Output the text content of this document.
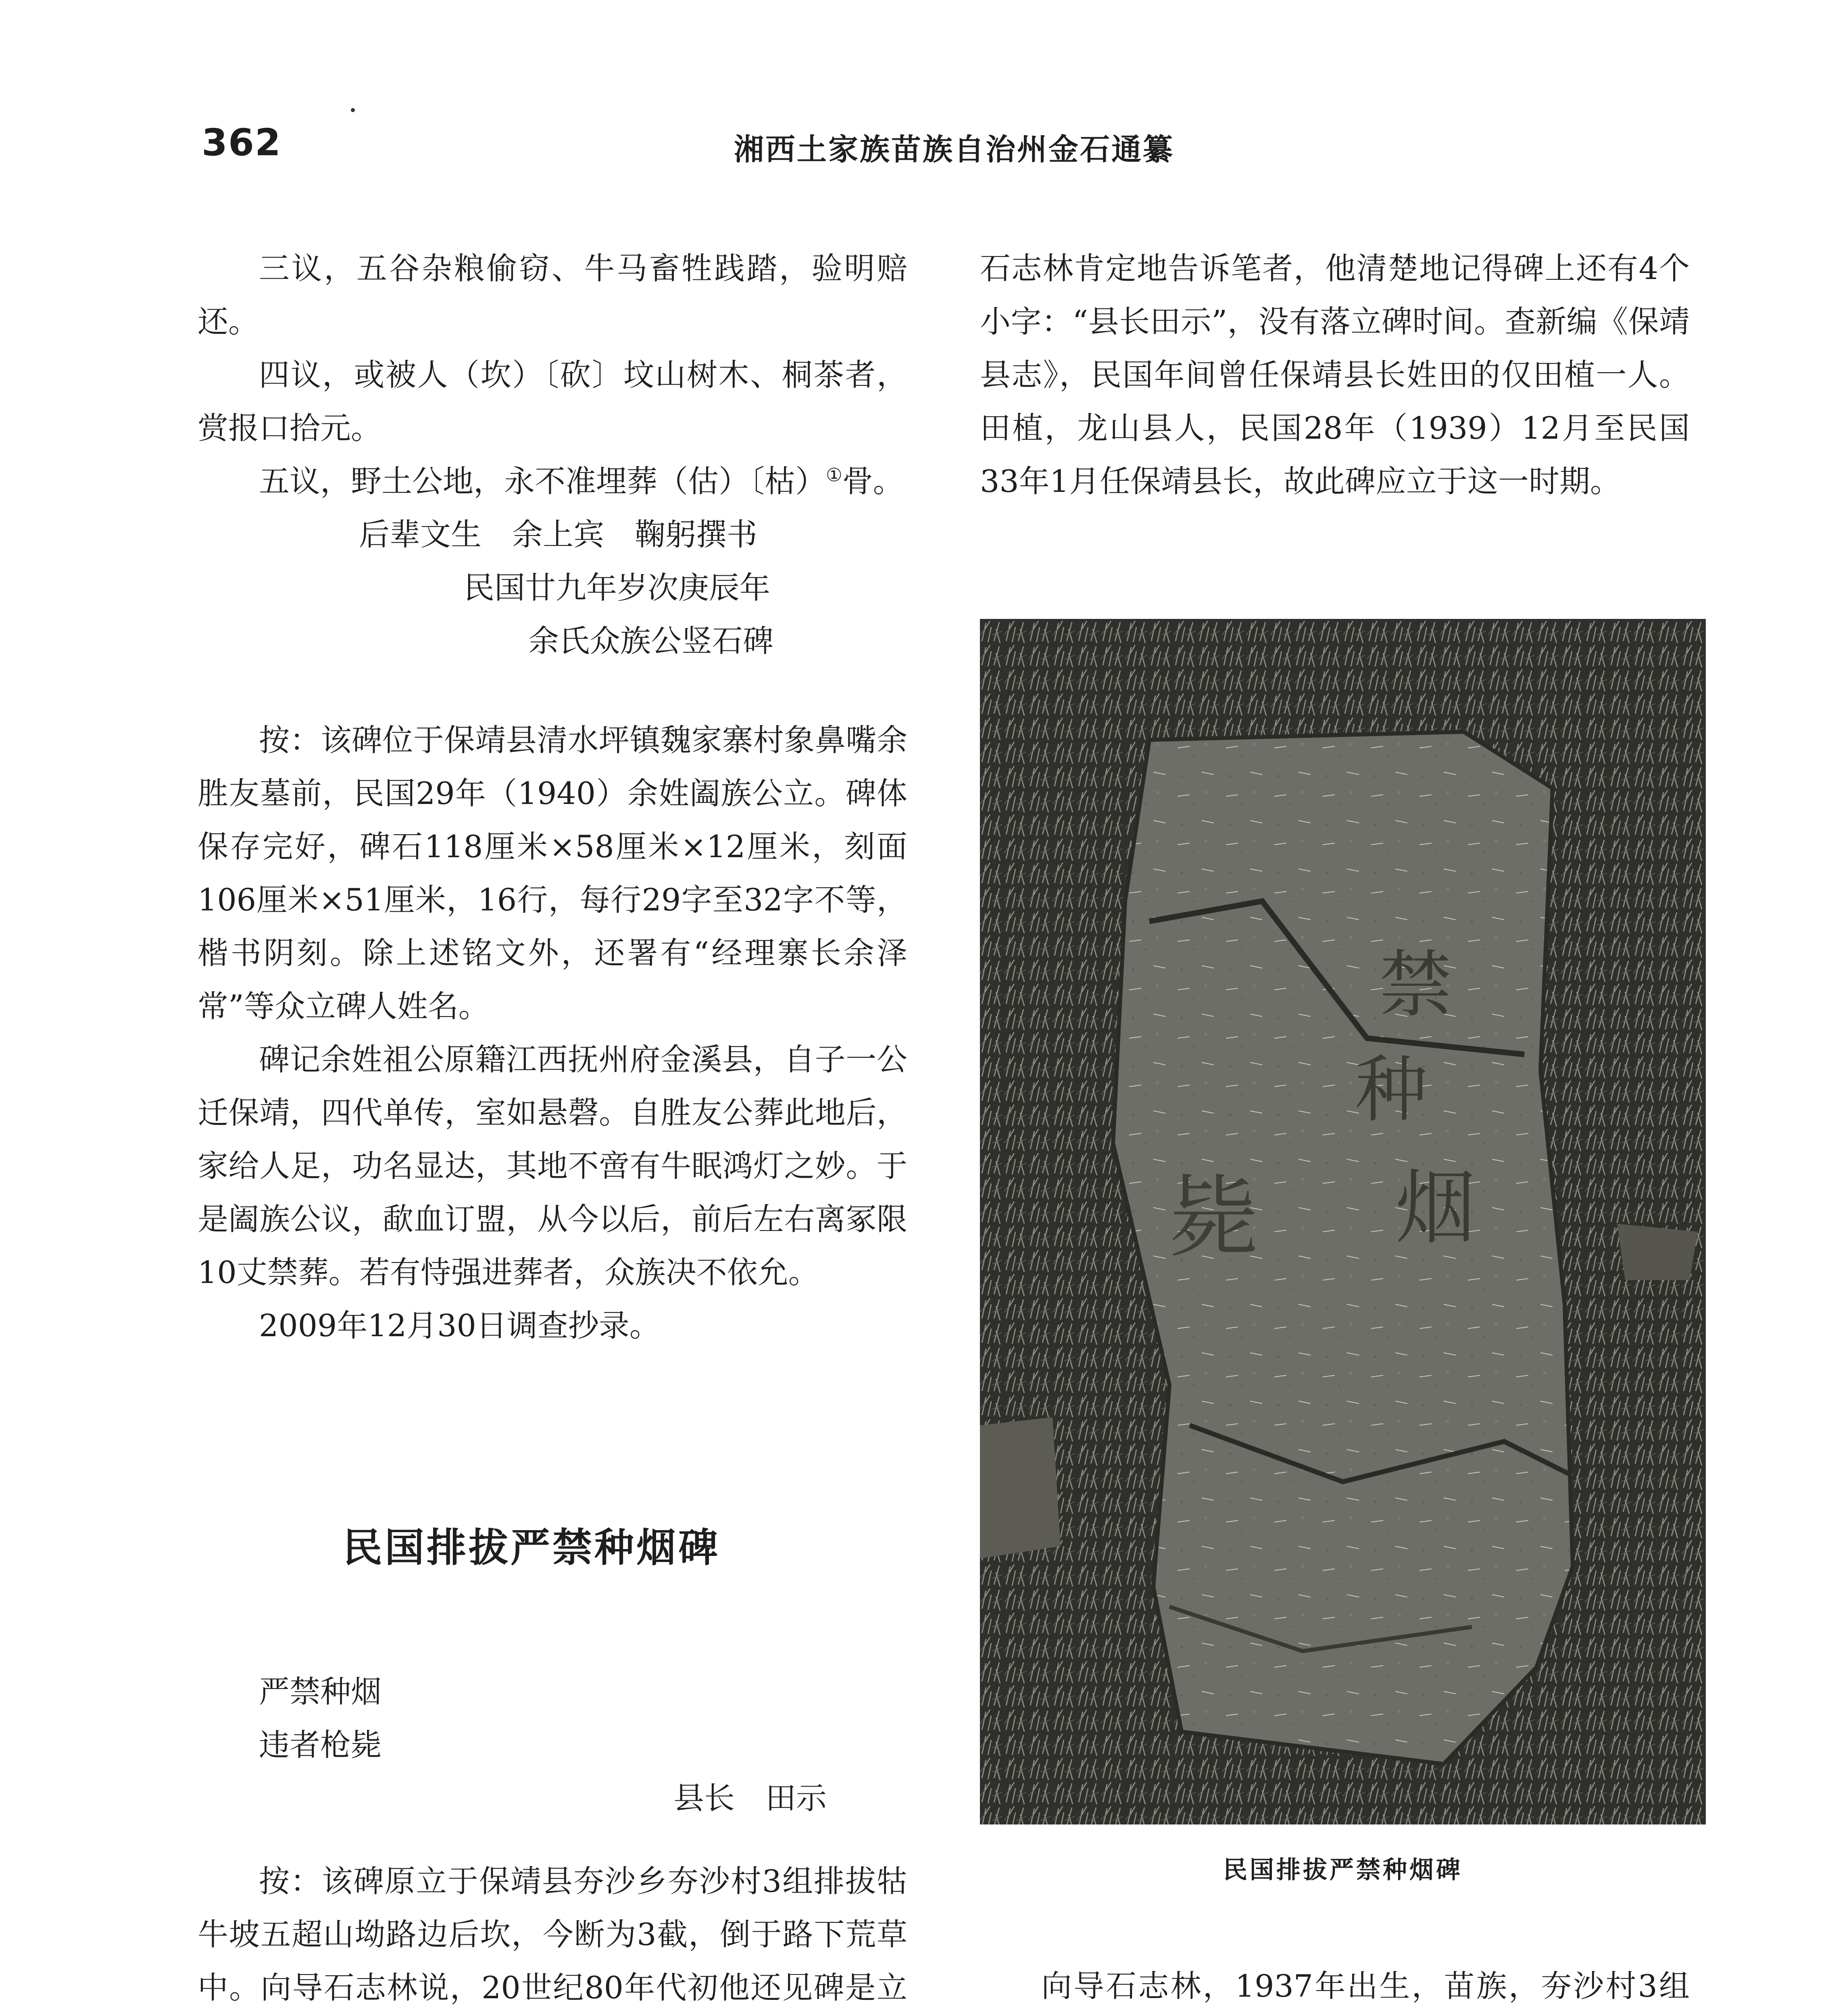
362	湘西土家族苗族自治州金石通纂

三议，五谷杂粮偷窃、牛马畜牲践踏，验明赔还。

四议，或被人（坎）〔砍〕坟山树木、桐茶者，赏报口拾元。

五议，野土公地，永不准埋葬（估）〔枯）①骨。

后辈文生　余上宾　鞠躬撰书

民国廿九年岁次庚辰年

余氏众族公竖石碑

按：该碑位于保靖县清水坪镇魏家寨村象鼻嘴余胜友墓前，民国29年（1940）余姓阖族公立。碑体保存完好，碑石118厘米×58厘米×12厘米，刻面106厘米×51厘米，16行，每行29字至32字不等，楷书阴刻。除上述铭文外，还署有“经理寨长余泽常”等众立碑人姓名。

碑记余姓祖公原籍江西抚州府金溪县，自子一公迁保靖，四代单传，室如悬磬。自胜友公葬此地后，家给人足，功名显达，其地不啻有牛眠鸿灯之妙。于是阖族公议，歃血订盟，从今以后，前后左右离冢限10丈禁葬。若有恃强进葬者，众族决不依允。

2009年12月30日调查抄录。

民国排拔严禁种烟碑

严禁种烟

违者枪毙

县长　田示

按：该碑原立于保靖县夯沙乡夯沙村3组排拔牯牛坡五超山坳路边后坎，今断为3截，倒于路下荒草中。向导石志林说，20世纪80年代初他还见碑是立

石志林肯定地告诉笔者，他清楚地记得碑上还有4个小字：“县长田示”，没有落立碑时间。查新编《保靖县志》，民国年间曾任保靖县长姓田的仅田植一人。田植，龙山县人，民国28年（1939）12月至民国33年1月任保靖县长，故此碑应立于这一时期。

禁
种
烟
毙
民国排拔严禁种烟碑

向导石志林，1937年出生，苗族，夯沙村3组
